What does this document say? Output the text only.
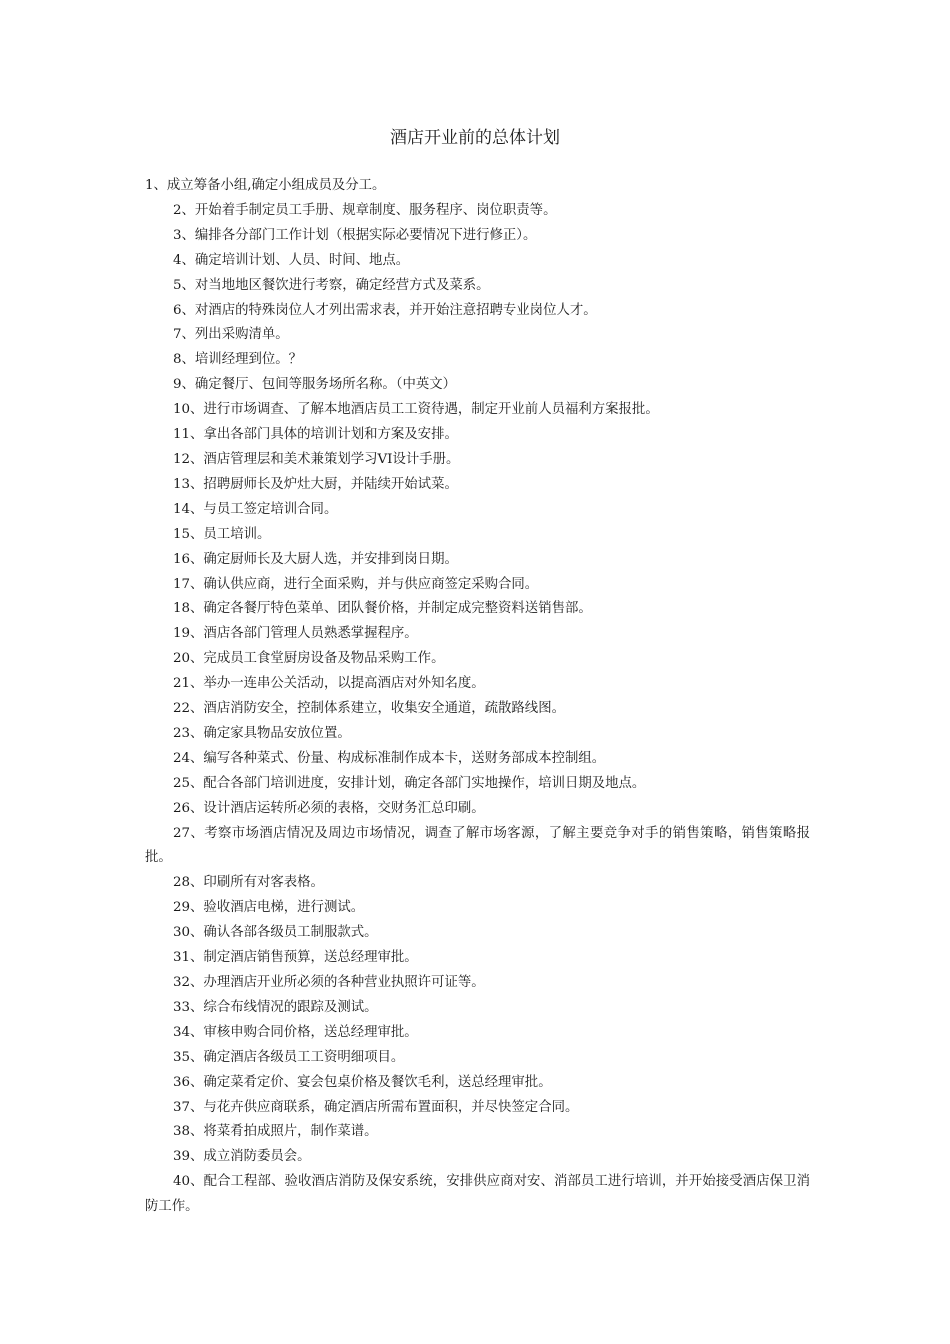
酒店开业前的总体计划
1、成立筹备小组,确定小组成员及分工。
2、开始着手制定员工手册、规章制度、服务程序、岗位职责等。
3、编排各分部门工作计划（根据实际必要情况下进行修正）。
4、确定培训计划、人员、时间、地点。
5、对当地地区餐饮进行考察，确定经营方式及菜系。
6、对酒店的特殊岗位人才列出需求表，并开始注意招聘专业岗位人才。
7、列出采购清单。
8、培训经理到位。？
9、确定餐厅、包间等服务场所名称。（中英文）
10、进行市场调查、了解本地酒店员工工资待遇，制定开业前人员福利方案报批。
11、拿出各部门具体的培训计划和方案及安排。
12、酒店管理层和美术兼策划学习VI设计手册。
13、招聘厨师长及炉灶大厨，并陆续开始试菜。
14、与员工签定培训合同。
15、员工培训。
16、确定厨师长及大厨人选，并安排到岗日期。
17、确认供应商，进行全面采购，并与供应商签定采购合同。
18、确定各餐厅特色菜单、团队餐价格，并制定成完整资料送销售部。
19、酒店各部门管理人员熟悉掌握程序。
20、完成员工食堂厨房设备及物品采购工作。
21、举办一连串公关活动，以提高酒店对外知名度。
22、酒店消防安全，控制体系建立，收集安全通道，疏散路线图。
23、确定家具物品安放位置。
24、编写各种菜式、份量、构成标准制作成本卡，送财务部成本控制组。
25、配合各部门培训进度，安排计划，确定各部门实地操作，培训日期及地点。
26、设计酒店运转所必须的表格，交财务汇总印刷。
27、考察市场酒店情况及周边市场情况，调查了解市场客源，了解主要竞争对手的销售策略，销售策略报批。
28、印刷所有对客表格。
29、验收酒店电梯，进行测试。
30、确认各部各级员工制服款式。
31、制定酒店销售预算，送总经理审批。
32、办理酒店开业所必须的各种营业执照许可证等。
33、综合布线情况的跟踪及测试。
34、审核申购合同价格，送总经理审批。
35、确定酒店各级员工工资明细项目。
36、确定菜肴定价、宴会包桌价格及餐饮毛利，送总经理审批。
37、与花卉供应商联系，确定酒店所需布置面积，并尽快签定合同。
38、将菜肴拍成照片，制作菜谱。
39、成立消防委员会。
40、配合工程部、验收酒店消防及保安系统，安排供应商对安、消部员工进行培训，并开始接受酒店保卫消防工作。
